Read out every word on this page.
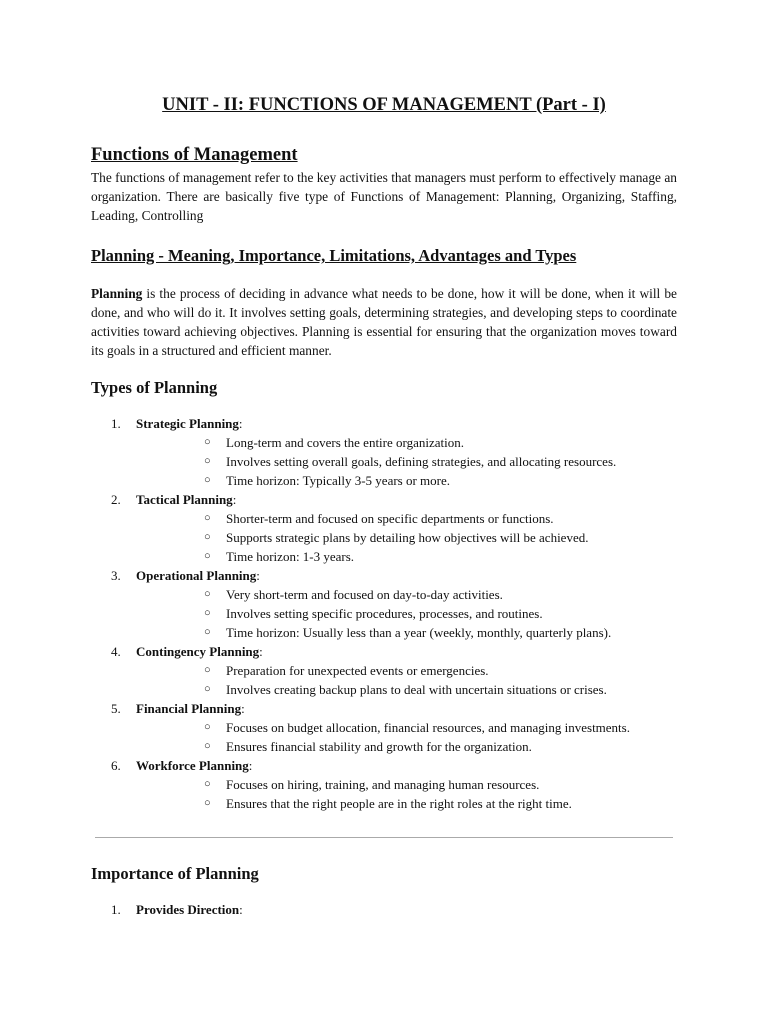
UNIT - II: FUNCTIONS OF MANAGEMENT (Part - I)
Functions of Management

The functions of management refer to the key activities that managers must perform to effectively manage an organization. There are basically five type of Functions of Management: Planning, Organizing, Staffing, Leading, Controlling

Planning - Meaning, Importance, Limitations, Advantages and Types

Planning is the process of deciding in advance what needs to be done, how it will be done, when it will be done, and who will do it. It involves setting goals, determining strategies, and developing steps to coordinate activities toward achieving objectives. Planning is essential for ensuring that the organization moves toward its goals in a structured and efficient manner.

Types of Planning
1. Strategic Planning:
○ Long-term and covers the entire organization.
○ Involves setting overall goals, defining strategies, and allocating resources.
○ Time horizon: Typically 3-5 years or more.
2. Tactical Planning:
○ Shorter-term and focused on specific departments or functions.
○ Supports strategic plans by detailing how objectives will be achieved.
○ Time horizon: 1-3 years.
3. Operational Planning:
○ Very short-term and focused on day-to-day activities.
○ Involves setting specific procedures, processes, and routines.
○ Time horizon: Usually less than a year (weekly, monthly, quarterly plans).
4. Contingency Planning:
○ Preparation for unexpected events or emergencies.
○ Involves creating backup plans to deal with uncertain situations or crises.
5. Financial Planning:
○ Focuses on budget allocation, financial resources, and managing investments.
○ Ensures financial stability and growth for the organization.
6. Workforce Planning:
○ Focuses on hiring, training, and managing human resources.
○ Ensures that the right people are in the right roles at the right time.
Importance of Planning
1. Provides Direction:
